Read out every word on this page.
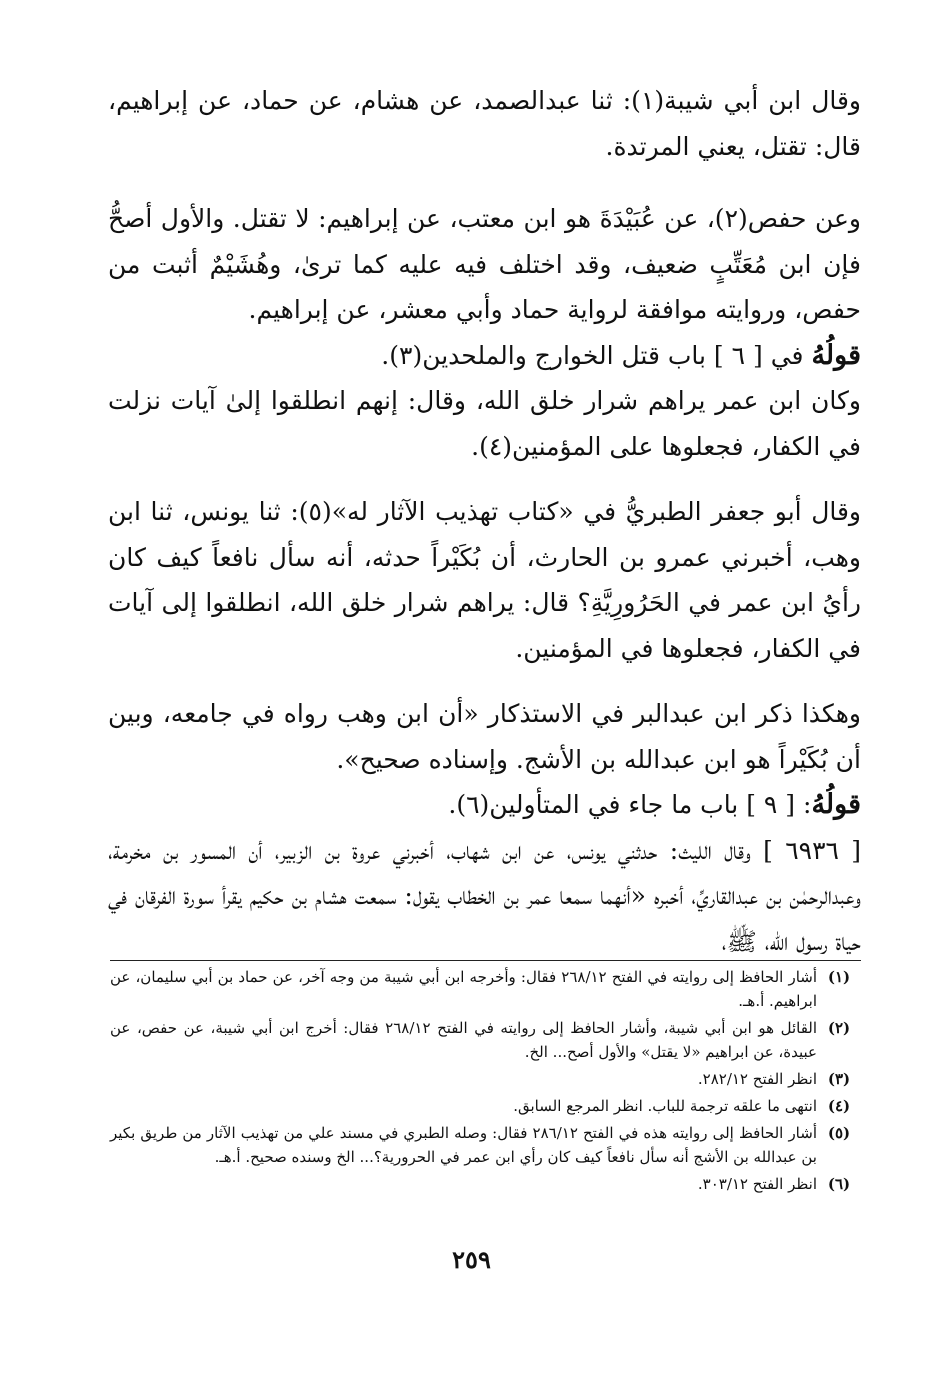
وقال ابن أبي شيبة(١): ثنا عبدالصمد، عن هشام، عن حماد، عن إبراهيم، قال: تقتل، يعني المرتدة.

وعن حفص(٢)، عن عُبَيْدَةَ هو ابن معتب، عن إبراهيم: لا تقتل. والأول أصحُّ فإن ابن مُعَتِّبٍ ضعيف، وقد اختلف فيه عليه كما ترىٰ، وهُشَيْمٌ أثبت من حفص، وروايته موافقة لرواية حماد وأبي معشر، عن إبراهيم.

قولُهُ في [ ٦ ] باب قتل الخوارج والملحدين(٣).

وكان ابن عمر يراهم شرار خلق الله، وقال: إنهم انطلقوا إلىٰ آيات نزلت في الكفار، فجعلوها على المؤمنين(٤).

وقال أبو جعفر الطبريُّ في «كتاب تهذيب الآثار له»(٥): ثنا يونس، ثنا ابن وهب، أخبرني عمرو بن الحارث، أن بُكَيْراً حدثه، أنه سأل نافعاً كيف كان رأيُ ابن عمر في الحَرُورِيَّةِ؟ قال: يراهم شرار خلق الله، انطلقوا إلى آيات في الكفار، فجعلوها في المؤمنين.

وهكذا ذكر ابن عبدالبر في الاستذكار «أن ابن وهب رواه في جامعه، وبين أن بُكَيْراً هو ابن عبدالله بن الأشج. وإسناده صحيح».

قولُهُ: [ ٩ ] باب ما جاء في المتأولين(٦).

[ ٦٩٣٦ ] وقال الليث: حدثني يونس، عن ابن شهاب، أخبرني عروة بن الزبير، أن المسور بن مخرمة، وعبدالرحمٰن بن عبدالقاريِّ، أخبره «أنهما سمعا عمر بن الخطاب يقول: سمعت هشام بن حكيم يقرأ سورة الفرقان في حياة رسول الله، ﷺ،

(١)
أشار الحافظ إلى روايته في الفتح ٢٦٨/١٢ فقال: وأخرجه ابن أبي شيبة من وجه آخر، عن حماد بن أبي سليمان، عن ابراهيم. أ.هـ.
(٢)
القائل هو ابن أبي شيبة، وأشار الحافظ إلى روايته في الفتح ٢٦٨/١٢ فقال: أخرج ابن أبي شيبة، عن حفص، عن عبيدة، عن ابراهيم «لا يقتل» والأول أصح... الخ.
(٣)
انظر الفتح ٢٨٢/١٢.
(٤)
انتهى ما علقه ترجمة للباب. انظر المرجع السابق.
(٥)
أشار الحافظ إلى روايته هذه في الفتح ٢٨٦/١٢ فقال: وصله الطبري في مسند علي من تهذيب الآثار من طريق بكير بن عبدالله بن الأشج أنه سأل نافعاً كيف كان رأي ابن عمر في الحرورية؟... الخ وسنده صحيح. أ.هـ.
(٦)
انظر الفتح ٣٠٣/١٢.
٢٥٩
